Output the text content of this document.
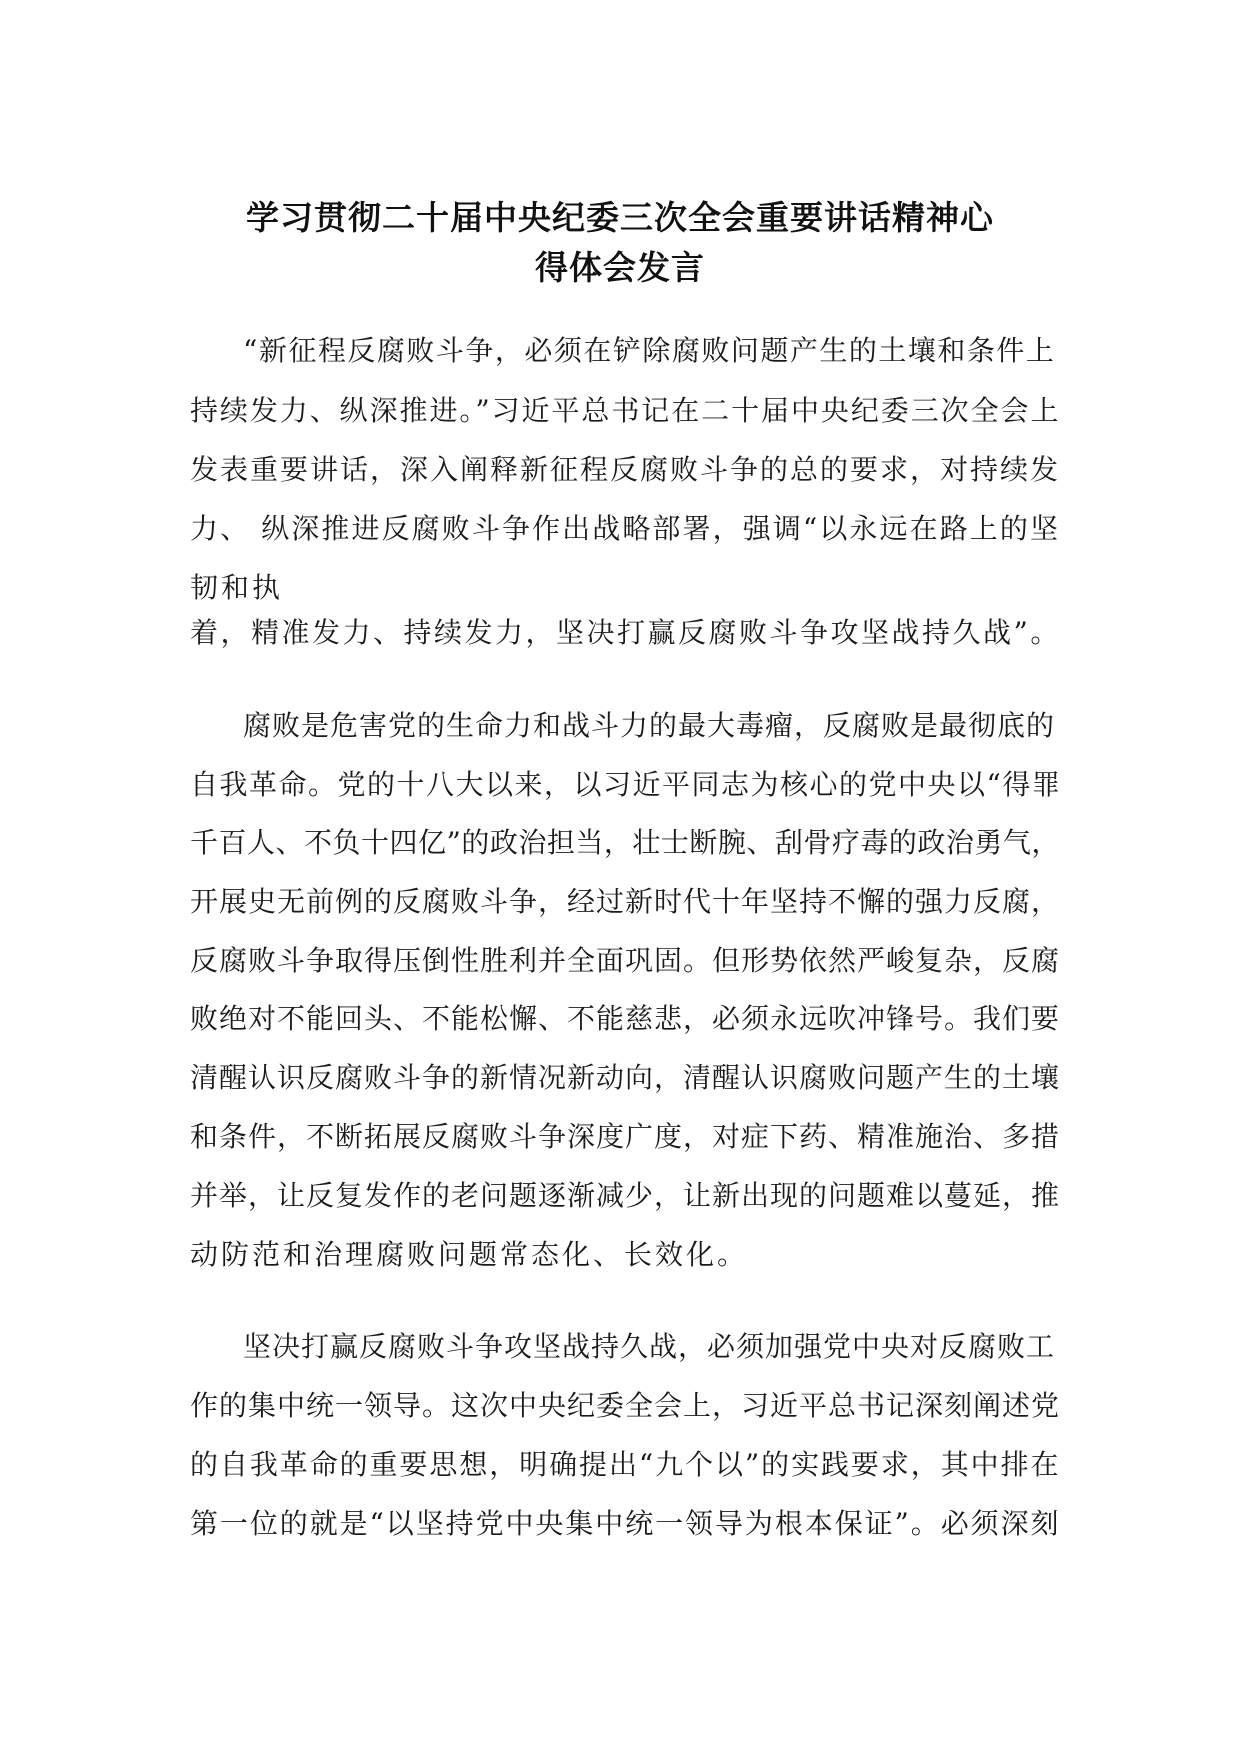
学习贯彻二十届中央纪委三次全会重要讲话精神心
得体会发言
“新征程反腐败斗争，必须在铲除腐败问题产生的土壤和条件上
持续发力、纵深推进。”习近平总书记在二十届中央纪委三次全会上
发表重要讲话，深入阐释新征程反腐败斗争的总的要求，对持续发
力、 纵深推进反腐败斗争作出战略部署，强调“以永远在路上的坚
韧和执
着，精准发力、持续发力，坚决打赢反腐败斗争攻坚战持久战”。
腐败是危害党的生命力和战斗力的最大毒瘤，反腐败是最彻底的
自我革命。党的十八大以来，以习近平同志为核心的党中央以“得罪
千百人、不负十四亿”的政治担当，壮士断腕、刮骨疗毒的政治勇气，
开展史无前例的反腐败斗争，经过新时代十年坚持不懈的强力反腐，
反腐败斗争取得压倒性胜利并全面巩固。但形势依然严峻复杂，反腐
败绝对不能回头、不能松懈、不能慈悲，必须永远吹冲锋号。我们要
清醒认识反腐败斗争的新情况新动向，清醒认识腐败问题产生的土壤
和条件，不断拓展反腐败斗争深度广度，对症下药、精准施治、多措
并举，让反复发作的老问题逐渐减少，让新出现的问题难以蔓延，推
动防范和治理腐败问题常态化、长效化。
坚决打赢反腐败斗争攻坚战持久战，必须加强党中央对反腐败工
作的集中统一领导。这次中央纪委全会上，习近平总书记深刻阐述党
的自我革命的重要思想，明确提出“九个以”的实践要求，其中排在
第一位的就是“以坚持党中央集中统一领导为根本保证”。必须深刻
